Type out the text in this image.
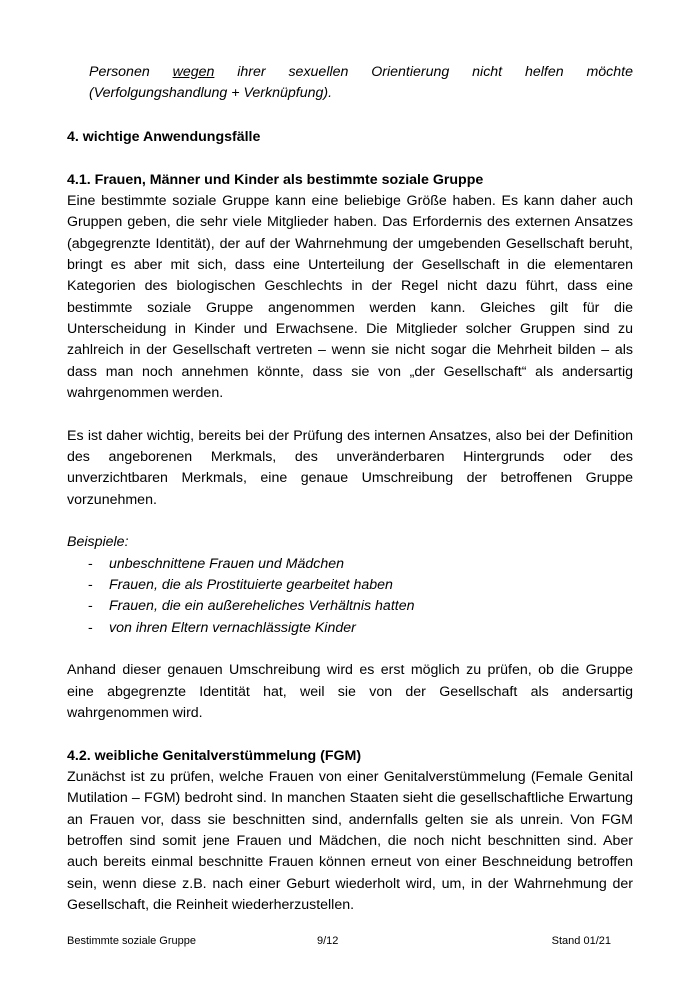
Personen wegen ihrer sexuellen Orientierung nicht helfen möchte

(Verfolgungshandlung + Verknüpfung).

4. wichtige Anwendungsfälle
4.1. Frauen, Männer und Kinder als bestimmte soziale Gruppe

Eine bestimmte soziale Gruppe kann eine beliebige Größe haben. Es kann daher auch Gruppen geben, die sehr viele Mitglieder haben. Das Erfordernis des externen Ansatzes (abgegrenzte Identität), der auf der Wahrnehmung der umgebenden Gesellschaft beruht, bringt es aber mit sich, dass eine Unterteilung der Gesellschaft in die elementaren Kategorien des biologischen Geschlechts in der Regel nicht dazu führt, dass eine bestimmte soziale Gruppe angenommen werden kann. Gleiches gilt für die Unterscheidung in Kinder und Erwachsene. Die Mitglieder solcher Gruppen sind zu zahlreich in der Gesellschaft vertreten – wenn sie nicht sogar die Mehrheit bilden – als dass man noch annehmen könnte, dass sie von „der Gesellschaft“ als andersartig wahrgenommen werden.

Es ist daher wichtig, bereits bei der Prüfung des internen Ansatzes, also bei der Definition des angeborenen Merkmals, des unveränderbaren Hintergrunds oder des unverzichtbaren Merkmals, eine genaue Umschreibung der betroffenen Gruppe vorzunehmen.

Beispiele:

- unbeschnittene Frauen und Mädchen
- Frauen, die als Prostituierte gearbeitet haben
- Frauen, die ein außereheliches Verhältnis hatten
- von ihren Eltern vernachlässigte Kinder

Anhand dieser genauen Umschreibung wird es erst möglich zu prüfen, ob die Gruppe eine abgegrenzte Identität hat, weil sie von der Gesellschaft als andersartig wahrgenommen wird.

4.2. weibliche Genitalverstümmelung (FGM)

Zunächst ist zu prüfen, welche Frauen von einer Genitalverstümmelung (Female Genital Mutilation – FGM) bedroht sind. In manchen Staaten sieht die gesellschaftliche Erwartung an Frauen vor, dass sie beschnitten sind, andernfalls gelten sie als unrein. Von FGM betroffen sind somit jene Frauen und Mädchen, die noch nicht beschnitten sind. Aber auch bereits einmal beschnitte Frauen können erneut von einer Beschneidung betroffen sein, wenn diese z.B. nach einer Geburt wiederholt wird, um, in der Wahrnehmung der Gesellschaft, die Reinheit wiederherzustellen.

Bestimmte soziale Gruppe	9/12	Stand 01/21
